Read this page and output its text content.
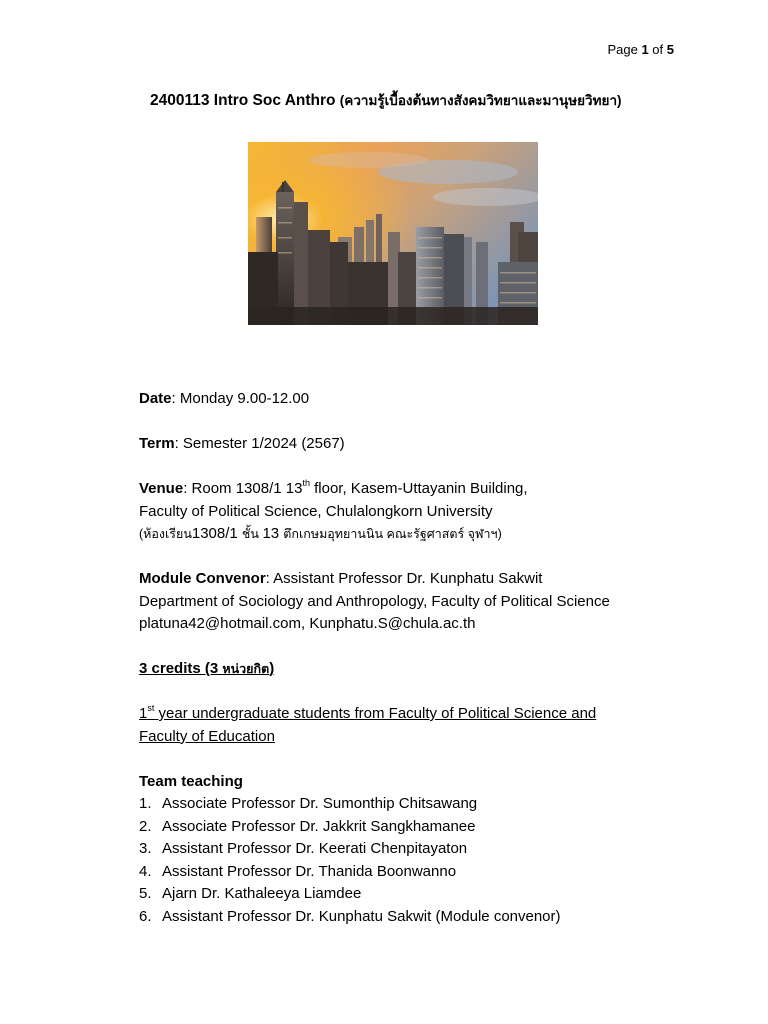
Page 1 of 5
2400113 Intro Soc Anthro (ความรู้เบื้องต้นทางสังคมวิทยาและมานุษยวิทยา)
Date: Monday 9.00-12.00
Term: Semester 1/2024 (2567)
Venue: Room 1308/1 13th floor, Kasem-Uttayanin Building,
Faculty of Political Science, Chulalongkorn University
(ห้องเรียน1308/1 ชั้น 13 ตึกเกษมอุทยานนิน คณะรัฐศาสตร์ จุฬาฯ)
Module Convenor: Assistant Professor Dr. Kunphatu Sakwit
Department of Sociology and Anthropology, Faculty of Political Science
platuna42@hotmail.com, Kunphatu.S@chula.ac.th
3 credits (3 หน่วยกิต)
1st year undergraduate students from Faculty of Political Science and
Faculty of Education
Team teaching
1. Associate Professor Dr. Sumonthip Chitsawang
2. Associate Professor Dr. Jakkrit Sangkhamanee
3. Assistant Professor Dr. Keerati Chenpitayaton
4. Assistant Professor Dr. Thanida Boonwanno
5. Ajarn Dr. Kathaleeya Liamdee
6. Assistant Professor Dr. Kunphatu Sakwit (Module convenor)
